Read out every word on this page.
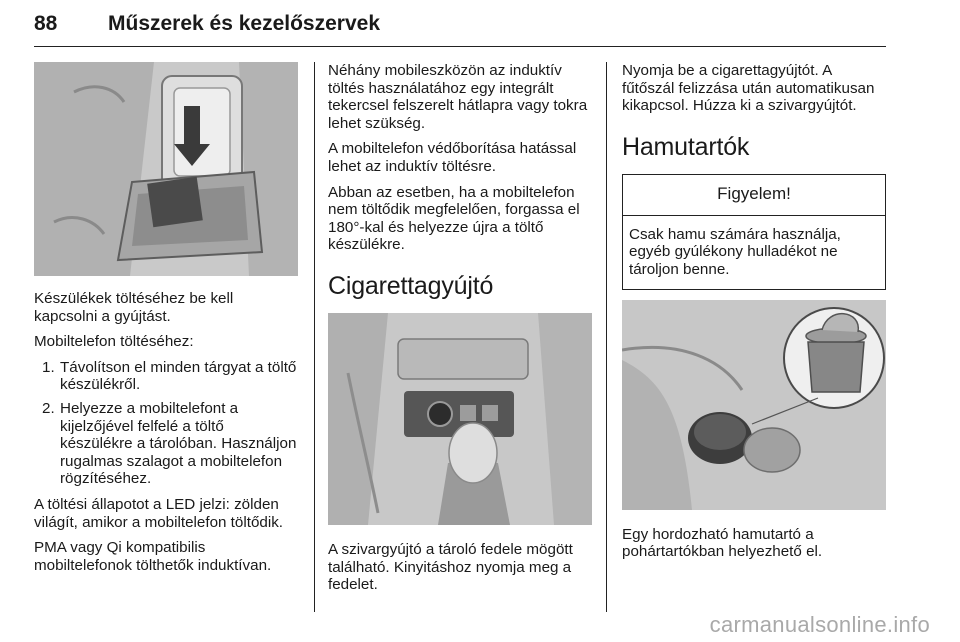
88 Műszerek és kezelőszervek

Készülékek töltéséhez be kell kapcsolni a gyújtást.

Mobiltelefon töltéséhez:

1. Távolítson el minden tárgyat a töltő készülékről.
2. Helyezze a mobiltelefont a kijelzőjével felfelé a töltő készülékre a tárolóban. Használjon rugalmas szalagot a mobiltelefon rögzítéséhez.

A töltési állapotot a LED jelzi: zölden világít, amikor a mobiltelefon töltődik.

PMA vagy Qi kompatibilis mobiltelefonok tölthetők induktívan.

Néhány mobileszközön az induktív töltés használatához egy integrált tekercsel felszerelt hátlapra vagy tokra lehet szükség.

A mobiltelefon védőborítása hatással lehet az induktív töltésre.

Abban az esetben, ha a mobiltelefon nem töltődik megfelelően, forgassa el 180°-kal és helyezze újra a töltő készülékre.

Cigarettagyújtó

A szivargyújtó a tároló fedele mögött található. Kinyitáshoz nyomja meg a fedelet.

Nyomja be a cigarettagyújtót. A fűtőszál felizzása után automatikusan kikapcsol. Húzza ki a szivargyújtót.

Hamutartók
Figyelem!
Csak hamu számára használja, egyéb gyúlékony hulladékot ne tároljon benne.

Egy hordozható hamutartó a pohártartókban helyezhető el.

carmanualsonline.info
